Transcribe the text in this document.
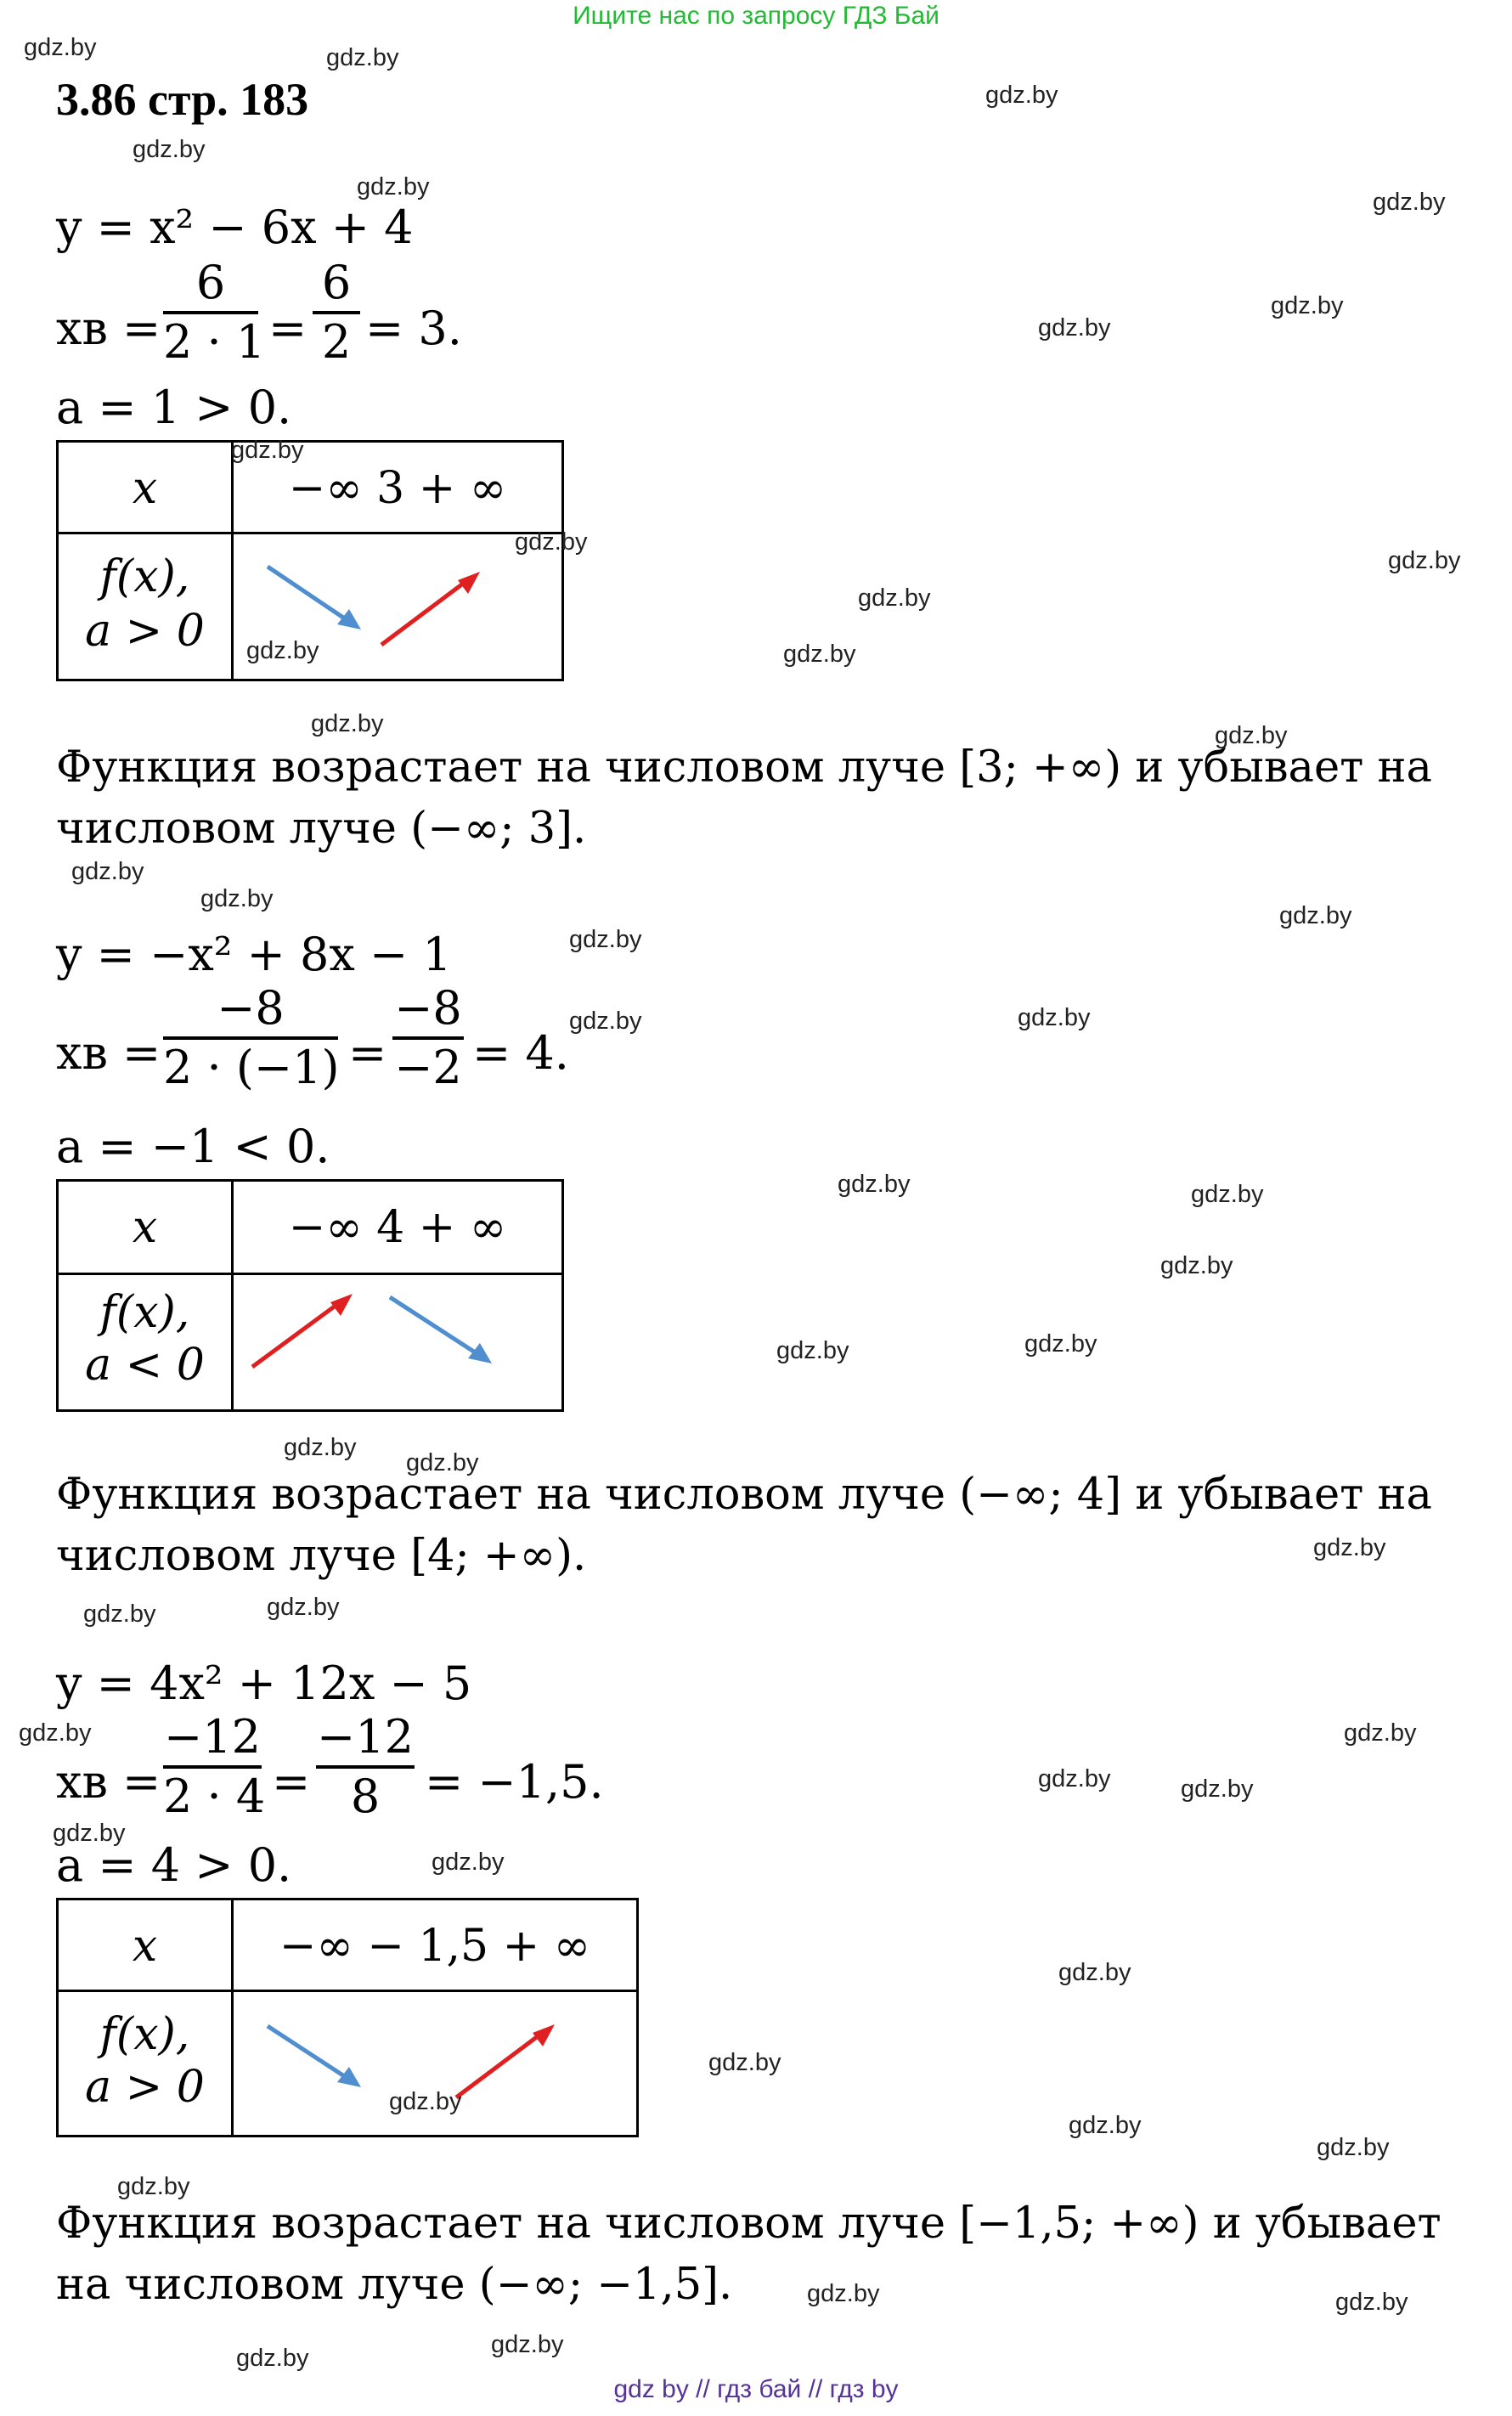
Ищите нас по запросу ГДЗ Бай
gdz by // гдз бай // гдз by
3.86 стр. 183
y = x² − 6x + 4
xв = $\frac{6}{2 \cdot 1} = \frac{6}{2} = 3$.
a = 1 > 0.
x	−∞ 3 + ∞
f(x),
a > 0
Функция возрастает на числовом луче [3; +∞) и убывает на числовом луче (−∞; 3].
y = −x² + 8x − 1
xв = $\frac{-8}{2 \cdot (-1)} = \frac{-8}{-2} = 4$.
a = −1 < 0.
x	−∞ 4 + ∞
f(x),
a < 0
Функция возрастает на числовом луче (−∞; 4] и убывает на числовом луче [4; +∞).
y = 4x² + 12x − 5
xв = $\frac{-12}{2 \cdot 4} = \frac{-12}{8} = -1,5$.
a = 4 > 0.
x	−∞ − 1,5 + ∞
f(x),
a > 0
Функция возрастает на числовом луче [−1,5; +∞) и убывает на числовом луче (−∞; −1,5].
gdz.by	gdz.by
gdz.by
gdz.by
gdz.by
gdz.by
gdz.by
gdz.by
gdz.by
gdz.by
gdz.by
gdz.by
gdz.by	gdz.by
gdz.by	gdz.by
gdz.by
gdz.by
gdz.by
gdz.by
gdz.by	gdz.by
gdz.by	gdz.by
gdz.by
gdz.by
gdz.by
gdz.by
gdz.by
gdz.by
gdz.by
gdz.by
gdz.by	gdz.by
gdz.by	gdz.by
gdz.by
gdz.by
gdz.by
gdz.by
gdz.by
gdz.by
gdz.by
gdz.by
gdz.by	gdz.by
gdz.by
gdz.by
